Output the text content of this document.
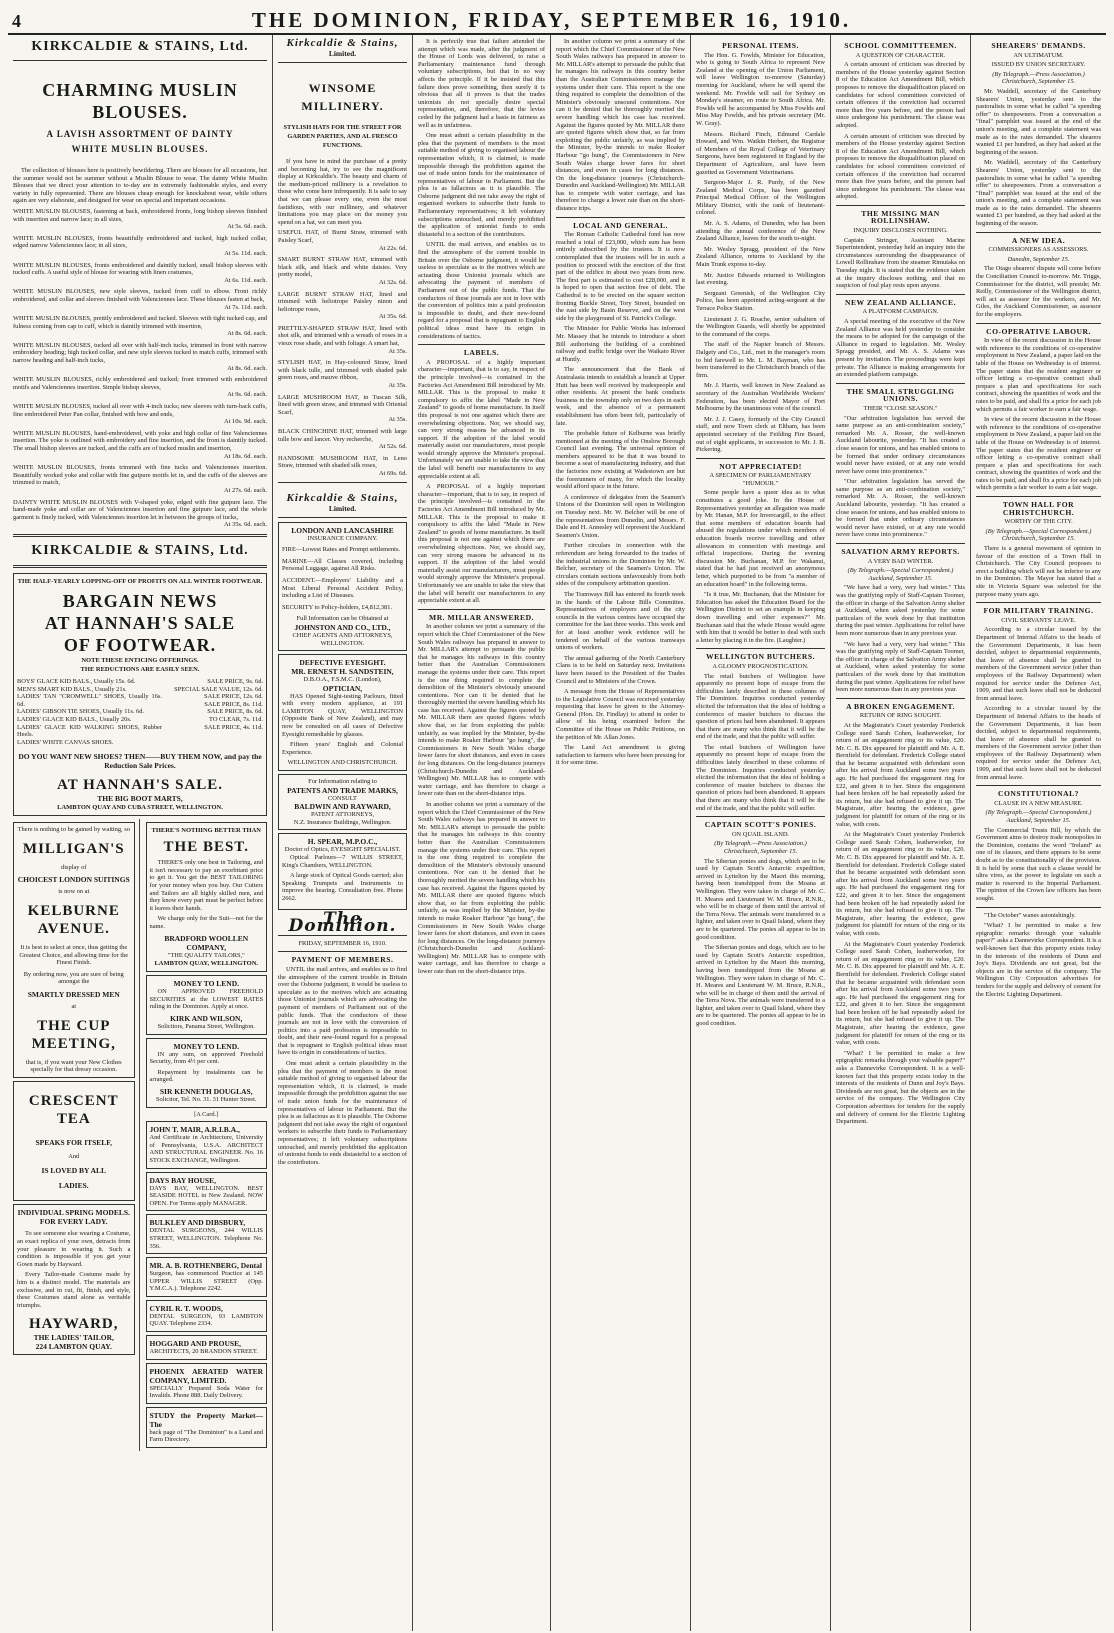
4	THE DOMINION, FRIDAY, SEPTEMBER 16, 1910.
KIRKCALDIE & STAINS, Ltd.
CHARMING MUSLIN BLOUSES.
A LAVISH ASSORTMENT OF DAINTY
WHITE MUSLIN BLOUSES.
The collection of blouses here is positively bewildering. There are blouses for all occasions, but the summer would not be summer without a Muslin Blouse to wear. The dainty White Muslin Blouses that we direct your attention to to-day are in extremely fashionable styles, and every variety in fully represented. There are blouses cheap enough for knockabout wear, while others again are very elaborate, and designed for wear on special and important occasions.
WHITE MUSLIN BLOUSES, fastening at back, embroidered fronts, long bishop sleeves finished with insertion and narrow lace; in all sizes,
At 5s. 6d. each.
WHITE MUSLIN BLOUSES, fronts beautifully embroidered and tucked, high tucked collar, edged narrow Valenciennes lace; in all sizes,
At 5s. 11d. each.
WHITE MUSLIN BLOUSES, fronts embroidered and daintily tucked, small bishop sleeves with tucked cuffs. A useful style of blouse for wearing with linen costumes,
At 6s. 11d. each.
WHITE MUSLIN BLOUSES, new style sleeves, tucked from cuff to elbow. Front richly embroidered, and collar and sleeves finished with Valenciennes lace. These blouses fasten at back,
At 7s. 11d. each.
WHITE MUSLIN BLOUSES, prettily embroidered and tucked. Sleeves with tight tucked cap, and fulness coming from cap to cuff, which is daintily trimmed with insertion,
At 8s. 6d. each.
WHITE MUSLIN BLOUSES, tucked all over with half-inch tucks, trimmed in front with narrow embroidery heading; high tucked collar, and new style sleeves tucked to match cuffs, trimmed with narrow heading and half-inch tucks,
At 8s. 6d. each.
WHITE MUSLIN BLOUSES, richly embroidered and tucked; front trimmed with embroidered motifs and Valenciennes insertion. Simple bishop sleeves,
At 9s. 6d. each.
WHITE MUSLIN BLOUSES, tucked all over with 4-inch tucks; new sleeves with turn-back cuffs, fine embroidered Peter Pan collar, finished with bow and ends,
At 10s. 9d. each.
WHITE MUSLIN BLOUSES, hand-embroidered, with yoke and high collar of fine Valenciennes insertion. The yoke is outlined with embroidery and fine insertion, and the front is daintily tucked. The small bishop sleeves are tucked, and the cuffs are of tucked muslin and insertion,
At 18s. 6d. each.
WHITE MUSLIN BLOUSES, fronts trimmed with fine tucks and Valenciennes insertion. Beautifully worked yoke and collar with fine guipure motifs let in, and the cuffs of the sleeves are trimmed to match,
At 27s. 6d. each.
DAINTY WHITE MUSLIN BLOUSES with V-shaped yoke, edged with fine guipure lace. The hand-made yoke and collar are of Valenciennes insertion and fine guipure lace, and the whole garment is finely tucked, with Valenciennes insertion let in between the groups of tucks,
At 35s. 6d. each.
KIRKCALDIE & STAINS, Ltd.
THE HALF-YEARLY LOPPING-OFF OF PROFITS ON ALL WINTER FOOTWEAR.
BARGAIN NEWS
AT HANNAH'S SALE
OF FOOTWEAR.
NOTE THESE ENTICING OFFERINGS.
THE REDUCTIONS ARE EASILY SEEN.
BOYS' GLACE KID BALS., Usually 15s. 6d.
MEN'S SMART KID BALS., Usually 21s.
LADIES' TAN "CROMWELL" SHOES, Usually 16s. 6d.
LADIES' GIBSON TIE SHOES, Usually 11s. 6d.
LADIES' GLACE KID BALS., Usually 20s.
LADIES' GLACE KID WALKING SHOES, Rubber Heels.
LADIES' WHITE CANVAS SHOES.
SALE PRICE, 9s. 6d.
SPECIAL SALE VALUE, 12s. 6d.
SALE PRICE, 12s. 6d.
SALE PRICE, 8s. 11d.
SALE PRICE, 8s. 6d.
TO CLEAR, 7s. 11d.
SALE PRICE, 4s. 11d.
DO YOU WANT NEW SHOES? THEN——BUY THEM NOW, and pay the Reduction Sale Prices.
AT HANNAH'S SALE.
THE BIG BOOT MARTS,
LAMBTON QUAY AND CUBA STREET, WELLINGTON.
There is nothing to be gained by waiting, so
MILLIGAN'S
display of
CHOICEST LONDON SUITINGS
is now on at
KELBURNE AVENUE.
It is best to select at once, thus getting the Greatest Choice, and allowing time for the Finest Finish.
By ordering now, you are sure of being amongst the
SMARTLY DRESSED MEN
at
THE CUP MEETING,
that is, if you want your New Clothes specially for that dressy occasion.
CRESCENT TEA
SPEAKS FOR ITSELF,
And
IS LOVED BY ALL
LADIES.
INDIVIDUAL SPRING MODELS.
FOR EVERY LADY.
To see someone else wearing a Costume, an exact replica of your own, detracts from your pleasure in wearing it. Such a condition is impossible if you get your Gown made by Hayward.
Every Tailor-made Costume made by him is a distinct model. The materials are exclusive, and in cut, fit, finish, and style, these Costumes stand alone as veritable triumphs.
HAYWARD,
THE LADIES' TAILOR,
224 LAMBTON QUAY.
THERE'S NOTHING BETTER THAN
THE BEST.
THERE'S only one best in Tailoring, and it isn't necessary to pay an exorbitant price to get it. You get the BEST TAILORING for your money when you buy. Our Cutters and Tailors are all highly skilled men, and they know every part must be perfect before it leaves their hands.
We charge only for the Suit—not for the name.
BRADFORD WOOLLEN COMPANY,
"THE QUALITY TAILORS,"
LAMBTON QUAY, WELLINGTON.
MONEY TO LEND.
ON APPROVED FREEHOLD SECURITIES at the LOWEST RATES ruling in the Dominion. Apply at once.
KIRK AND WILSON,
Solicitors, Panama Street, Wellington.
MONEY TO LEND.
IN any sum, on approved Freehold Security, from 4½ per cent.
Repayment by instalments can be arranged.
SIR KENNETH DOUGLAS,
Solicitor, Tel. No. 31. 31 Hunter Street.
[A Card.]
JOHN T. MAIR, A.R.I.B.A.,
And Certificate in Architecture, University of Pennsylvania, U.S.A. ARCHITECT AND STRUCTURAL ENGINEER. No. 16 STOCK EXCHANGE, Wellington.
DAYS BAY HOUSE,
DAYS BAY, WELLINGTON. BEST SEASIDE HOTEL in New Zealand. NOW OPEN. For Terms apply MANAGER.
BULKLEY AND DIBSBURY,
DENTAL SURGEONS, 244 WILLIS STREET, WELLINGTON. Telephone No. 356.
MR. A. B. ROTHENBERG, Dental
Surgeon, has commenced Practice at 145 UPPER WILLIS STREET (Opp. Y.M.C.A.). Telephone 2242.
CYRIL R. T. WOODS,
DENTAL SURGEON, 93 LAMBTON QUAY. Telephone 2334.
HOGGARD AND PROUSE,
ARCHITECTS, 20 BRANDON STREET.
PHOENIX AERATED WATER COMPANY, LIMITED.
SPECIALLY Prepared Soda Water for Invalids. Phone 888. Daily Delivery.
STUDY the Property Market—The
back page of "The Dominion" is a Land and Farm Directory.
Kirkcaldie & Stains,
Limited.
WINSOME
MILLINERY.
STYLISH HATS FOR THE STREET FOR GARDEN PARTIES, AND AL FRESCO FUNCTIONS.
If you have in mind the purchase of a pretty and becoming hat, try to see the magnificent display at Kirkcaldie's. The beauty and charm of the medium-priced millinery is a revelation to those who come here infrequently. It is safe to say that we can please every one, even the most fastidious, with our millinery, and whatever limitations you may place on the money you spend on a hat, we can meet you.
USEFUL HAT, of Burnt Straw, trimmed with Paisley Scarf,
At 22s. 6d.
SMART BURNT STRAW HAT, trimmed with black silk, and black and white daisies. Very pretty model,
At 32s. 6d.
LARGE BURNT STRAW HAT, lined and trimmed with heliotrope Paisley ninon and heliotrope roses,
At 35s. 6d.
PRETTILY-SHAPED STRAW HAT, lined with shot silk, and trimmed with a wreath of roses in a vieux rose shade, and with foliage. A smart hat,
At 35s.
STYLISH HAT, in Hay-coloured Straw, lined with black tulle, and trimmed with shaded pale green roses, and mauve ribbon,
At 35s.
LARGE MUSHROOM HAT, in Tuscan Silk, lined with green straw, and trimmed with Oriental Scarf,
At 35s.
BLACK CHINCHINE HAT, trimmed with large tulle bow and lancer. Very recherche,
At 52s. 6d.
HANDSOME MUSHROOM HAT, in Leno Straw, trimmed with shaded silk roses,
At 69s. 6d.
Kirkcaldie & Stains,
Limited.
LONDON AND LANCASHIRE
INSURANCE COMPANY.
FIRE—Lowest Rates and Prompt settlements.
MARINE—All Classes covered, including Personal Luggage, against All Risks.
ACCIDENT.—Employers' Liability and a Most Liberal Personal Accident Policy, including a List of Diseases.
SECURITY to Policy-holders, £4,812,381.
Full Information can be Obtained at
JOHNSTON AND CO., LTD.,
CHIEF AGENTS AND ATTORNEYS, WELLINGTON.
DEFECTIVE EYESIGHT.
MR. ERNEST H. SANDSTEIN,
D.B.O.A., F.S.M.C. (London),
OPTICIAN,
HAS Opened Sight-testing Parlours, fitted with every modern appliance, at 191 LAMBTON QUAY, WELLINGTON (Opposite Bank of New Zealand), and may now be consulted on all cases of Defective Eyesight remediable by glasses.
Fifteen years' English and Colonial Experience.
WELLINGTON AND CHRISTCHURCH.
For Information relating to
PATENTS AND TRADE MARKS,
CONSULT
BALDWIN AND RAYWARD,
PATENT ATTORNEYS,
N.Z. Insurance Buildings, Wellington.
H. SPEAR, M.P.O.C.,
Doctor of Optics, EYESIGHT SPECIALIST.
Optical Parlours—7 WILLIS STREET, King's Chambers, WELLINGTON.
A large stock of Optical Goods carried; also Speaking Trumpets and Instruments to improve the hearing. Consultation free. Phone 2662.
The Dominion.
FRIDAY, SEPTEMBER 16, 1910.
PAYMENT OF MEMBERS.
UNTIL the mail arrives, and enables us to find the atmosphere of the current trouble in Britain over the Osborne judgment, it would be useless to speculate as to the motives which are actuating those Unionist journals which are advocating the payment of members of Parliament out of the public funds. That the conductors of these journals are not in love with the conversion of politics into a paid profession is impossible to doubt, and their new-found regard for a proposal that is repugnant to English political ideas must have its origin in considerations of tactics.
One must admit a certain plausibility in the plea that the payment of members is the most suitable method of giving to organised labour the representation which, it is claimed, is made impossible through the prohibition against the use of trade union funds for the maintenance of representatives of labour in Parliament. But the plea is as fallacious as it is plausible. The Osborne judgment did not take away the right of organised workers to subscribe their funds to Parliamentary representatives; it left voluntary subscriptions untouched, and merely prohibited the application of unionist funds to ends distasteful to a section of the contributors.
It is perfectly true that failure attended the attempt which was made, after the judgment of the House of Lords was delivered, to raise a Parliamentary maintenance fund through voluntary subscriptions, but that in no way affects the principle. If it be insisted that this failure does prove something, then surely it is obvious that all it proves is that the trades unionists do not specially desire special representation, and, therefore, that the levies ceded by the judgment had a basis in fairness as well as in unfairness.
One must admit a certain plausibility in the plea that the payment of members is the most suitable method of giving to organised labour the representation which, it is claimed, is made impossible through the prohibition against the use of trade union funds for the maintenance of representatives of labour in Parliament. But the plea is as fallacious as it is plausible. The Osborne judgment did not take away the right of organised workers to subscribe their funds to Parliamentary representatives; it left voluntary subscriptions untouched, and merely prohibited the application of unionist funds to ends distasteful to a section of the contributors.
UNTIL the mail arrives, and enables us to find the atmosphere of the current trouble in Britain over the Osborne judgment, it would be useless to speculate as to the motives which are actuating those Unionist journals which are advocating the payment of members of Parliament out of the public funds. That the conductors of these journals are not in love with the conversion of politics into a paid profession is impossible to doubt, and their new-found regard for a proposal that is repugnant to English political ideas must have its origin in considerations of tactics.
LABELS.
A PROPOSAL of a highly important character—important, that is to say, in respect of the principle involved—is contained in the Factories Act Amendment Bill introduced by Mr. MILLAR. This is the proposal to make it compulsory to affix the label "Made in New Zealand" to goods of home manufacture. In itself this proposal is not one against which there are overwhelming objections. Nor, we should say, can very strong reasons be advanced in its support. If the adoption of the label would materially assist our manufacturers, most people would strongly approve the Minister's proposal. Unfortunately we are unable to take the view that the label will benefit our manufacturers to any appreciable extent at all.
A PROPOSAL of a highly important character—important, that is to say, in respect of the principle involved—is contained in the Factories Act Amendment Bill introduced by Mr. MILLAR. This is the proposal to make it compulsory to affix the label "Made in New Zealand" to goods of home manufacture. In itself this proposal is not one against which there are overwhelming objections. Nor, we should say, can very strong reasons be advanced in its support. If the adoption of the label would materially assist our manufacturers, most people would strongly approve the Minister's proposal. Unfortunately we are unable to take the view that the label will benefit our manufacturers to any appreciable extent at all.
MR. MILLAR ANSWERED.
In another column we print a summary of the report which the Chief Commissioner of the New South Wales railways has prepared in answer to Mr. MILLAR's attempt to persuade the public that he manages his railways in this country better than the Australian Commissioners manage the systems under their care. This report is the one thing required to complete the demolition of the Minister's obviously unsound contentions. Nor can it be denied that he thoroughly merited the severe handling which his case has received. Against the figures quoted by Mr. MILLAR there are quoted figures which show that, so far from exploiting the public unfairly, as was implied by the Minister, by-the intends to make Roaker Harbour "go hung", the Commissioners in New South Wales charge lower fares for short distances, and even in cases for long distances. On the long-distance journeys (Christchurch-Dunedin and Auckland-Wellington) Mr. MILLAR has to compete with water carriage, and has therefore to charge a lower rate than on the short-distance trips.
In another column we print a summary of the report which the Chief Commissioner of the New South Wales railways has prepared in answer to Mr. MILLAR's attempt to persuade the public that he manages his railways in this country better than the Australian Commissioners manage the systems under their care. This report is the one thing required to complete the demolition of the Minister's obviously unsound contentions. Nor can it be denied that he thoroughly merited the severe handling which his case has received. Against the figures quoted by Mr. MILLAR there are quoted figures which show that, so far from exploiting the public unfairly, as was implied by the Minister, by-the intends to make Roaker Harbour "go hung", the Commissioners in New South Wales charge lower fares for short distances, and even in cases for long distances. On the long-distance journeys (Christchurch-Dunedin and Auckland-Wellington) Mr. MILLAR has to compete with water carriage, and has therefore to charge a lower rate than on the short-distance trips.
In another column we print a summary of the report which the Chief Commissioner of the New South Wales railways has prepared in answer to Mr. MILLAR's attempt to persuade the public that he manages his railways in this country better than the Australian Commissioners manage the systems under their care. This report is the one thing required to complete the demolition of the Minister's obviously unsound contentions. Nor can it be denied that he thoroughly merited the severe handling which his case has received. Against the figures quoted by Mr. MILLAR there are quoted figures which show that, so far from exploiting the public unfairly, as was implied by the Minister, by-the intends to make Roaker Harbour "go hung", the Commissioners in New South Wales charge lower fares for short distances, and even in cases for long distances. On the long-distance journeys (Christchurch-Dunedin and Auckland-Wellington) Mr. MILLAR has to compete with water carriage, and has therefore to charge a lower rate than on the short-distance trips.
LOCAL AND GENERAL.
The Roman Catholic Cathedral fund has now reached a total of £23,000, which sum has been entirely subscribed by the trustees. It is now contemplated that the trustees will be in such a position to proceed with the erection of the first part of the edifice in about two years from now. The first part is estimated to cost £28,000, and it is hoped to open that section free of debt. The Cathedral is to be erected on the square section fronting Buckle Street, Tory Street, bounded on the east side by Basin Reserve, and on the west side by the playground of St. Patrick's College.
The Minister for Public Works has informed Mr. Massey that he intends to introduce a short Bill authorising the building of a combined railway and traffic bridge over the Waikato River at Huntly.
The announcement that the Bank of Australasia intends to establish a branch at Upper Hutt has been well received by tradespeople and other residents. At present the bank conducts business in the township only on two days in each week, and the absence of a permanent establishment has often been felt, particularly of late.
The probable future of Kelburne was briefly mentioned at the meeting of the Onslow Borough Council last evening. The universal opinion of members appeared to be that it was bound to become a seat of manufacturing industry, and that the factories now existing at Wadestown are but the forerunners of many, for which the locality would afford space in the future.
A conference of delegates from the Seamen's Unions of the Dominion will open in Wellington on Tuesday next. Mr. W. Belcher will be one of the representatives from Dunedin, and Messrs. F. Dale and H. Annesley will represent the Auckland Seamen's Union.
Further circulars in connection with the referendum are being forwarded to the trades of the industrial unions in the Dominion by Mr. W. Belcher, secretary of the Seamen's Union. The circulars contain sections unfavourably from both sides of the compulsory arbitration question.
The Tramways Bill has entered its fourth week in the hands of the Labour Bills Committee. Representatives of employers and of the city councils in the various centres have occupied the committee for the last three weeks. This week and for at least another week evidence will be tendered on behalf of the various tramways unions of workers.
The annual gathering of the North Canterbury Clans is to be held on Saturday next. Invitations have been issued to the President of the Trades Council and to Ministers of the Crown.
A message from the House of Representatives to the Legislative Council was received yesterday requesting that leave be given to the Attorney-General (Hon. Dr. Findlay) to attend in order to allow of his being examined before the Committee of the House on Public Petitions, on the petition of Mr. Allan Jones.
The Land Act amendment is giving satisfaction to farmers who have been pressing for it for some time.
PERSONAL ITEMS.
The Hon. G. Fowlds, Minister for Education, who is going to South Africa to represent New Zealand at the opening of the Union Parliament, will leave Wellington to-morrow (Saturday) morning for Auckland, where he will spend the weekend. Mr. Fowlds will sail for Sydney on Monday's steamer, en route to South Africa. Mr. Fowlds will be accompanied by Miss Fowlds and Miss May Fowlds, and his private secretary (Mr. W. Gray).
Messrs. Richard Finch, Edmund Cardale Howard, and Wm. Watkin Herbert, the Registrar of Members of the Royal College of Veterinary Surgeons, have been registered in England by the Department of Agriculture, and have been gazetted as Government Veterinarians.
Surgeon-Major J. R. Purdy, of the New Zealand Medical Corps, has been gazetted Principal Medical Officer of the Wellington Military District, with the rank of lieutenant-colonel.
Mr. A. S. Adams, of Dunedin, who has been attending the annual conference of the New Zealand Alliance, leaves for the south to-night.
Mr. Wesley Spragg, president of the New Zealand Alliance, returns to Auckland by the Main Trunk express to-day.
Mr. Justice Edwards returned to Wellington last evening.
Sergeant Greenish, of the Wellington City Police, has been appointed acting-sergeant at the Terrace Police Station.
Lieutenant J. G. Roache, senior subaltern of the Wellington Guards, will shortly be appointed to the command of the corps.
The staff of the Napier branch of Messrs. Dalgety and Co., Ltd., met in the manager's room to bid farewell to Mr. L. M. Bayman, who has been transferred to the Christchurch branch of the firm.
Mr. J. Harris, well known in New Zealand as secretary of the Australian Worldwide Workers' Federation, has been elected Mayor of Port Melbourne by the unanimous vote of the council.
Mr. J. J. Casey, formerly of the City Council staff, and now Town clerk at Eltham, has been appointed secretary of the Feilding Fire Board, out of eight applicants, in succession to Mr. J. B. Pickering.
NOT APPRECIATED!
A SPECIMEN OF PARLIAMENTARY "HUMOUR."
Some people have a queer idea as to what constitutes a good joke. In the House of Representatives yesterday an allegation was made by Mr. Hanan, M.P. for Invercargill, to the effect that some members of education boards had abused the regulations under which members of education boards receive travelling and other allowances in connection with meetings and official inspections. During the evening discussion Mr. Buchanan, M.P. for Wakanui, stated that he had just received an anonymous letter, which purported to be from "a member of an education board" in the following terms.
"Is it true, Mr. Buchanan, that the Minister for Education has asked the Education Board for the Wellington District to set an example in keeping down travelling and other expenses?" Mr. Buchanan said that the whole House would agree with him that it would be better to deal with such a letter by placing it in the fire. (Laughter.)
WELLINGTON BUTCHERS.
A GLOOMY PROGNOSTICATION.
The retail butchers of Wellington have apparently no present hope of escape from the difficulties lately described in these columns of The Dominion. Inquiries conducted yesterday elicited the information that the idea of holding a conference of master butchers to discuss the question of prices had been abandoned. It appears that there are many who think that it will be the end of the trade, and that the public will suffer.
The retail butchers of Wellington have apparently no present hope of escape from the difficulties lately described in these columns of The Dominion. Inquiries conducted yesterday elicited the information that the idea of holding a conference of master butchers to discuss the question of prices had been abandoned. It appears that there are many who think that it will be the end of the trade, and that the public will suffer.
CAPTAIN SCOTT'S PONIES.
ON QUAIL ISLAND.
(By Telegraph.—Press Association.) Christchurch, September 15.
The Siberian ponies and dogs, which are to be used by Captain Scott's Antarctic expedition, arrived in Lyttelton by the Maori this morning, having been transhipped from the Moana at Wellington. They were taken in charge of Mr. C. H. Meares and Lieutenant W. M. Bruce, R.N.R., who will be in charge of them until the arrival of the Terra Nova. The animals were transferred to a lighter, and taken over to Quail Island, where they are to be quartered. The ponies all appear to be in good condition.
The Siberian ponies and dogs, which are to be used by Captain Scott's Antarctic expedition, arrived in Lyttelton by the Maori this morning, having been transhipped from the Moana at Wellington. They were taken in charge of Mr. C. H. Meares and Lieutenant W. M. Bruce, R.N.R., who will be in charge of them until the arrival of the Terra Nova. The animals were transferred to a lighter, and taken over to Quail Island, where they are to be quartered. The ponies all appear to be in good condition.
SCHOOL COMMITTEEMEN.
A QUESTION OF CHARACTER.
A certain amount of criticism was directed by members of the House yesterday against Section 8 of the Education Act Amendment Bill, which proposes to remove the disqualification placed on candidates for school committees convicted of certain offences if the conviction had occurred more than five years before, and the person had since undergone his punishment. The clause was adopted.
A certain amount of criticism was directed by members of the House yesterday against Section 8 of the Education Act Amendment Bill, which proposes to remove the disqualification placed on candidates for school committees convicted of certain offences if the conviction had occurred more than five years before, and the person had since undergone his punishment. The clause was adopted.
THE MISSING MAN ROLLINSHAW.
INQUIRY DISCLOSES NOTHING.
Captain Stringer, Assistant Marine Superintendent, yesterday held an inquiry into the circumstances surrounding the disappearance of Lowell Rollinshaw from the steamer Rimutaka on Tuesday night. It is stated that the evidence taken at the inquiry discloses nothing, and that no suspicion of foul play rests upon anyone.
NEW ZEALAND ALLIANCE.
A PLATFORM CAMPAIGN.
A special meeting of the executive of the New Zealand Alliance was held yesterday to consider the means to be adopted for the campaign of the Alliance in regard to legislation. Mr. Wesley Spragg presided, and Mr. A. S. Adams was present by invitation. The proceedings were kept private. The Alliance is making arrangements for an extended platform campaign.
THE SMALL STRUGGLING UNIONS.
THEIR "CLOSE SEASON."
"Our arbitration legislation has served the same purpose as an anti-combination society," remarked Mr. A. Rosser, the well-known Auckland labourite, yesterday. "It has created a close season for unions, and has enabled unions to be formed that under ordinary circumstances would never have existed, or at any rate would never have come into prominence."
"Our arbitration legislation has served the same purpose as an anti-combination society," remarked Mr. A. Rosser, the well-known Auckland labourite, yesterday. "It has created a close season for unions, and has enabled unions to be formed that under ordinary circumstances would never have existed, or at any rate would never have come into prominence."
SALVATION ARMY REPORTS.
A VERY BAD WINTER.
(By Telegraph.—Special Correspondent.) Auckland, September 15.
"We have had a very, very bad winter." This was the gratifying reply of Staff-Captain Toomer, the officer in charge of the Salvation Army shelter at Auckland, when asked yesterday for some particulars of the work done by that institution during the past winter. Applications for relief have been more numerous than in any previous year.
"We have had a very, very bad winter." This was the gratifying reply of Staff-Captain Toomer, the officer in charge of the Salvation Army shelter at Auckland, when asked yesterday for some particulars of the work done by that institution during the past winter. Applications for relief have been more numerous than in any previous year.
A BROKEN ENGAGEMENT.
RETURN OF RING SOUGHT.
At the Magistrate's Court yesterday Frederick College sued Sarah Cohen, leatherworker, for return of an engagement ring or its value, £20. Mr. C. B. Dix appeared for plaintiff and Mr. A. E. Bernfield for defendant. Frederick College stated that he became acquainted with defendant soon after his arrival from Auckland some two years ago. He had purchased the engagement ring for £22, and given it to her. Since the engagement had been broken off he had repeatedly asked for its return, but she had refused to give it up. The Magistrate, after hearing the evidence, gave judgment for plaintiff for return of the ring or its value, with costs.
At the Magistrate's Court yesterday Frederick College sued Sarah Cohen, leatherworker, for return of an engagement ring or its value, £20. Mr. C. B. Dix appeared for plaintiff and Mr. A. E. Bernfield for defendant. Frederick College stated that he became acquainted with defendant soon after his arrival from Auckland some two years ago. He had purchased the engagement ring for £22, and given it to her. Since the engagement had been broken off he had repeatedly asked for its return, but she had refused to give it up. The Magistrate, after hearing the evidence, gave judgment for plaintiff for return of the ring or its value, with costs.
At the Magistrate's Court yesterday Frederick College sued Sarah Cohen, leatherworker, for return of an engagement ring or its value, £20. Mr. C. B. Dix appeared for plaintiff and Mr. A. E. Bernfield for defendant. Frederick College stated that he became acquainted with defendant soon after his arrival from Auckland some two years ago. He had purchased the engagement ring for £22, and given it to her. Since the engagement had been broken off he had repeatedly asked for its return, but she had refused to give it up. The Magistrate, after hearing the evidence, gave judgment for plaintiff for return of the ring or its value, with costs.
"What? I be permitted to make a few epigraphic remarks through your valuable paper?" asks a Dannevirke Correspondent. It is a well-known fact that this property exists today in the interests of the residents of Dunn and Joy's Bays. Dividends are not great, but the objects are in the service of the company. The Wellington City Corporation advertises for tenders for the supply and delivery of cement for the Electric Lighting Department.
SHEARERS' DEMANDS.
AN ULTIMATUM.
ISSUED BY UNION SECRETARY.
(By Telegraph.—Press Association.) Christchurch, September 15.
Mr. Waddell, secretary of the Canterbury Shearers' Union, yesterday sent to the pastoralists in some what he called "a spending offer" to sheepowners. From a conversation a "final" pamphlet was issued at the end of the union's meeting, and a complete statement was made as to the rates demanded. The shearers wanted £1 per hundred, as they had asked at the beginning of the season.
Mr. Waddell, secretary of the Canterbury Shearers' Union, yesterday sent to the pastoralists in some what he called "a spending offer" to sheepowners. From a conversation a "final" pamphlet was issued at the end of the union's meeting, and a complete statement was made as to the rates demanded. The shearers wanted £1 per hundred, as they had asked at the beginning of the season.
A NEW IDEA.
COMMISSIONERS AS ASSESSORS.
Dunedin, September 15.
The Otago shearers' dispute will come before the Conciliation Council to-morrow. Mr. Triggs, Commissioner for the district, will preside; Mr. Reilly, Commissioner of the Wellington district, will act as assessor for the workers, and Mr. Giles, the Auckland Commissioner, as assessor for the employers.
CO-OPERATIVE LABOUR.
In view of the recent discussion in the House with reference to the conditions of co-operative employment in New Zealand, a paper laid on the table of the House on Wednesday is of interest. The paper states that the resident engineer or officer letting a co-operative contract shall prepare a plan and specifications for each contract, showing the quantities of work and the rates to be paid, and shall fix a price for each job which permits a fair worker to earn a fair wage.
In view of the recent discussion in the House with reference to the conditions of co-operative employment in New Zealand, a paper laid on the table of the House on Wednesday is of interest. The paper states that the resident engineer or officer letting a co-operative contract shall prepare a plan and specifications for each contract, showing the quantities of work and the rates to be paid, and shall fix a price for each job which permits a fair worker to earn a fair wage.
TOWN HALL FOR CHRISTCHURCH.
WORTHY OF THE CITY.
(By Telegraph.—Special Correspondent.) Christchurch, September 15.
There is a general movement of opinion in favour of the erection of a Town Hall in Christchurch. The City Council proposes to erect a building which will not be inferior to any in the Dominion. The Mayor has stated that a site in Victoria Square was selected for the purpose many years ago.
FOR MILITARY TRAINING.
CIVIL SERVANTS' LEAVE.
According to a circular issued by the Department of Internal Affairs to the heads of the Government Departments, it has been decided, subject to departmental requirements, that leave of absence shall be granted to members of the Government service (other than employees of the Railway Department) when required for service under the Defence Act, 1909, and that such leave shall not be deducted from annual leave.
According to a circular issued by the Department of Internal Affairs to the heads of the Government Departments, it has been decided, subject to departmental requirements, that leave of absence shall be granted to members of the Government service (other than employees of the Railway Department) when required for service under the Defence Act, 1909, and that such leave shall not be deducted from annual leave.
CONSTITUTIONAL?
CLAUSE IN A NEW MEASURE.
(By Telegraph.—Special Correspondent.) Auckland, September 15.
The Commercial Trusts Bill, by which the Government aims to destroy trade monopolies in the Dominion, contains the word "Ireland" as one of its clauses, and there appears to be some doubt as to the constitutionality of the provision. It is held by some that such a clause would be ultra vires, as the power to legislate on such a matter is reserved to the Imperial Parliament. The opinion of the Crown law officers has been sought.
"The October" wanes astonishingly.
"What? I be permitted to make a few epigraphic remarks through your valuable paper?" asks a Dannevirke Correspondent. It is a well-known fact that this property exists today in the interests of the residents of Dunn and Joy's Bays. Dividends are not great, but the objects are in the service of the company. The Wellington City Corporation advertises for tenders for the supply and delivery of cement for the Electric Lighting Department.
